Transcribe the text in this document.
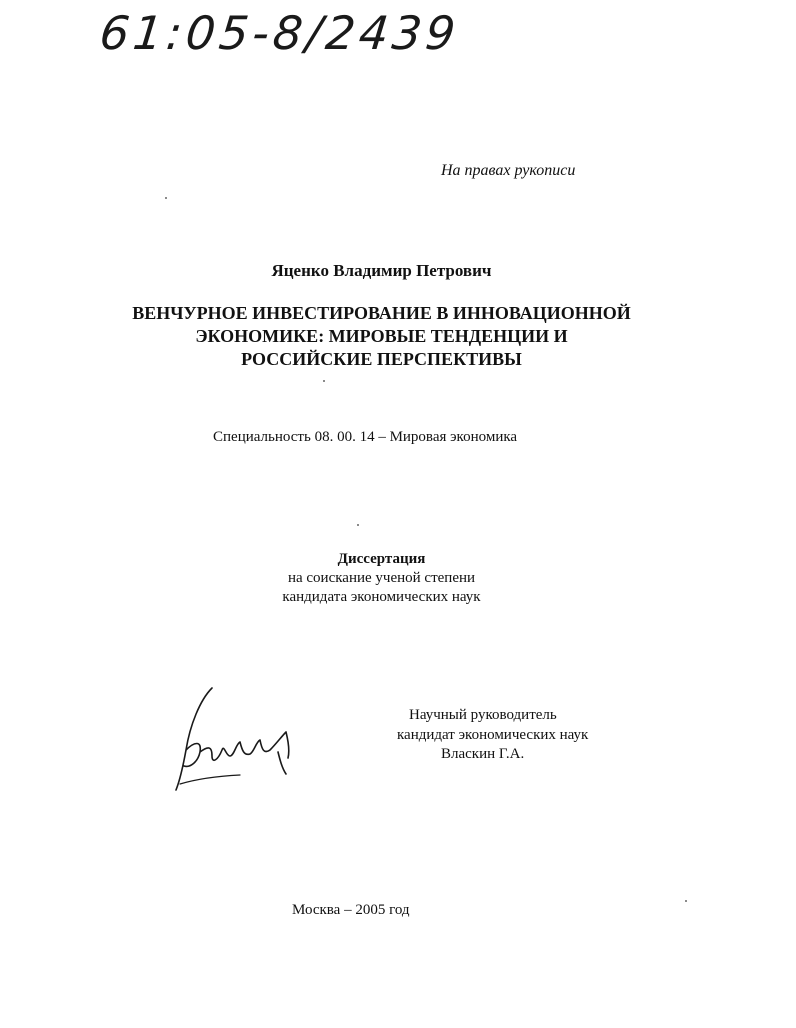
61:05-8/2439
На правах рукописи
Яценко Владимир Петрович
ВЕНЧУРНОЕ ИНВЕСТИРОВАНИЕ В ИННОВАЦИОННОЙ
ЭКОНОМИКЕ: МИРОВЫЕ ТЕНДЕНЦИИ И
РОССИЙСКИЕ ПЕРСПЕКТИВЫ
Специальность 08. 00. 14 – Мировая экономика
Диссертация
на соискание ученой степени
кандидата экономических наук
Научный руководитель
кандидат экономических наук
Власкин Г.А.
Москва – 2005 год
